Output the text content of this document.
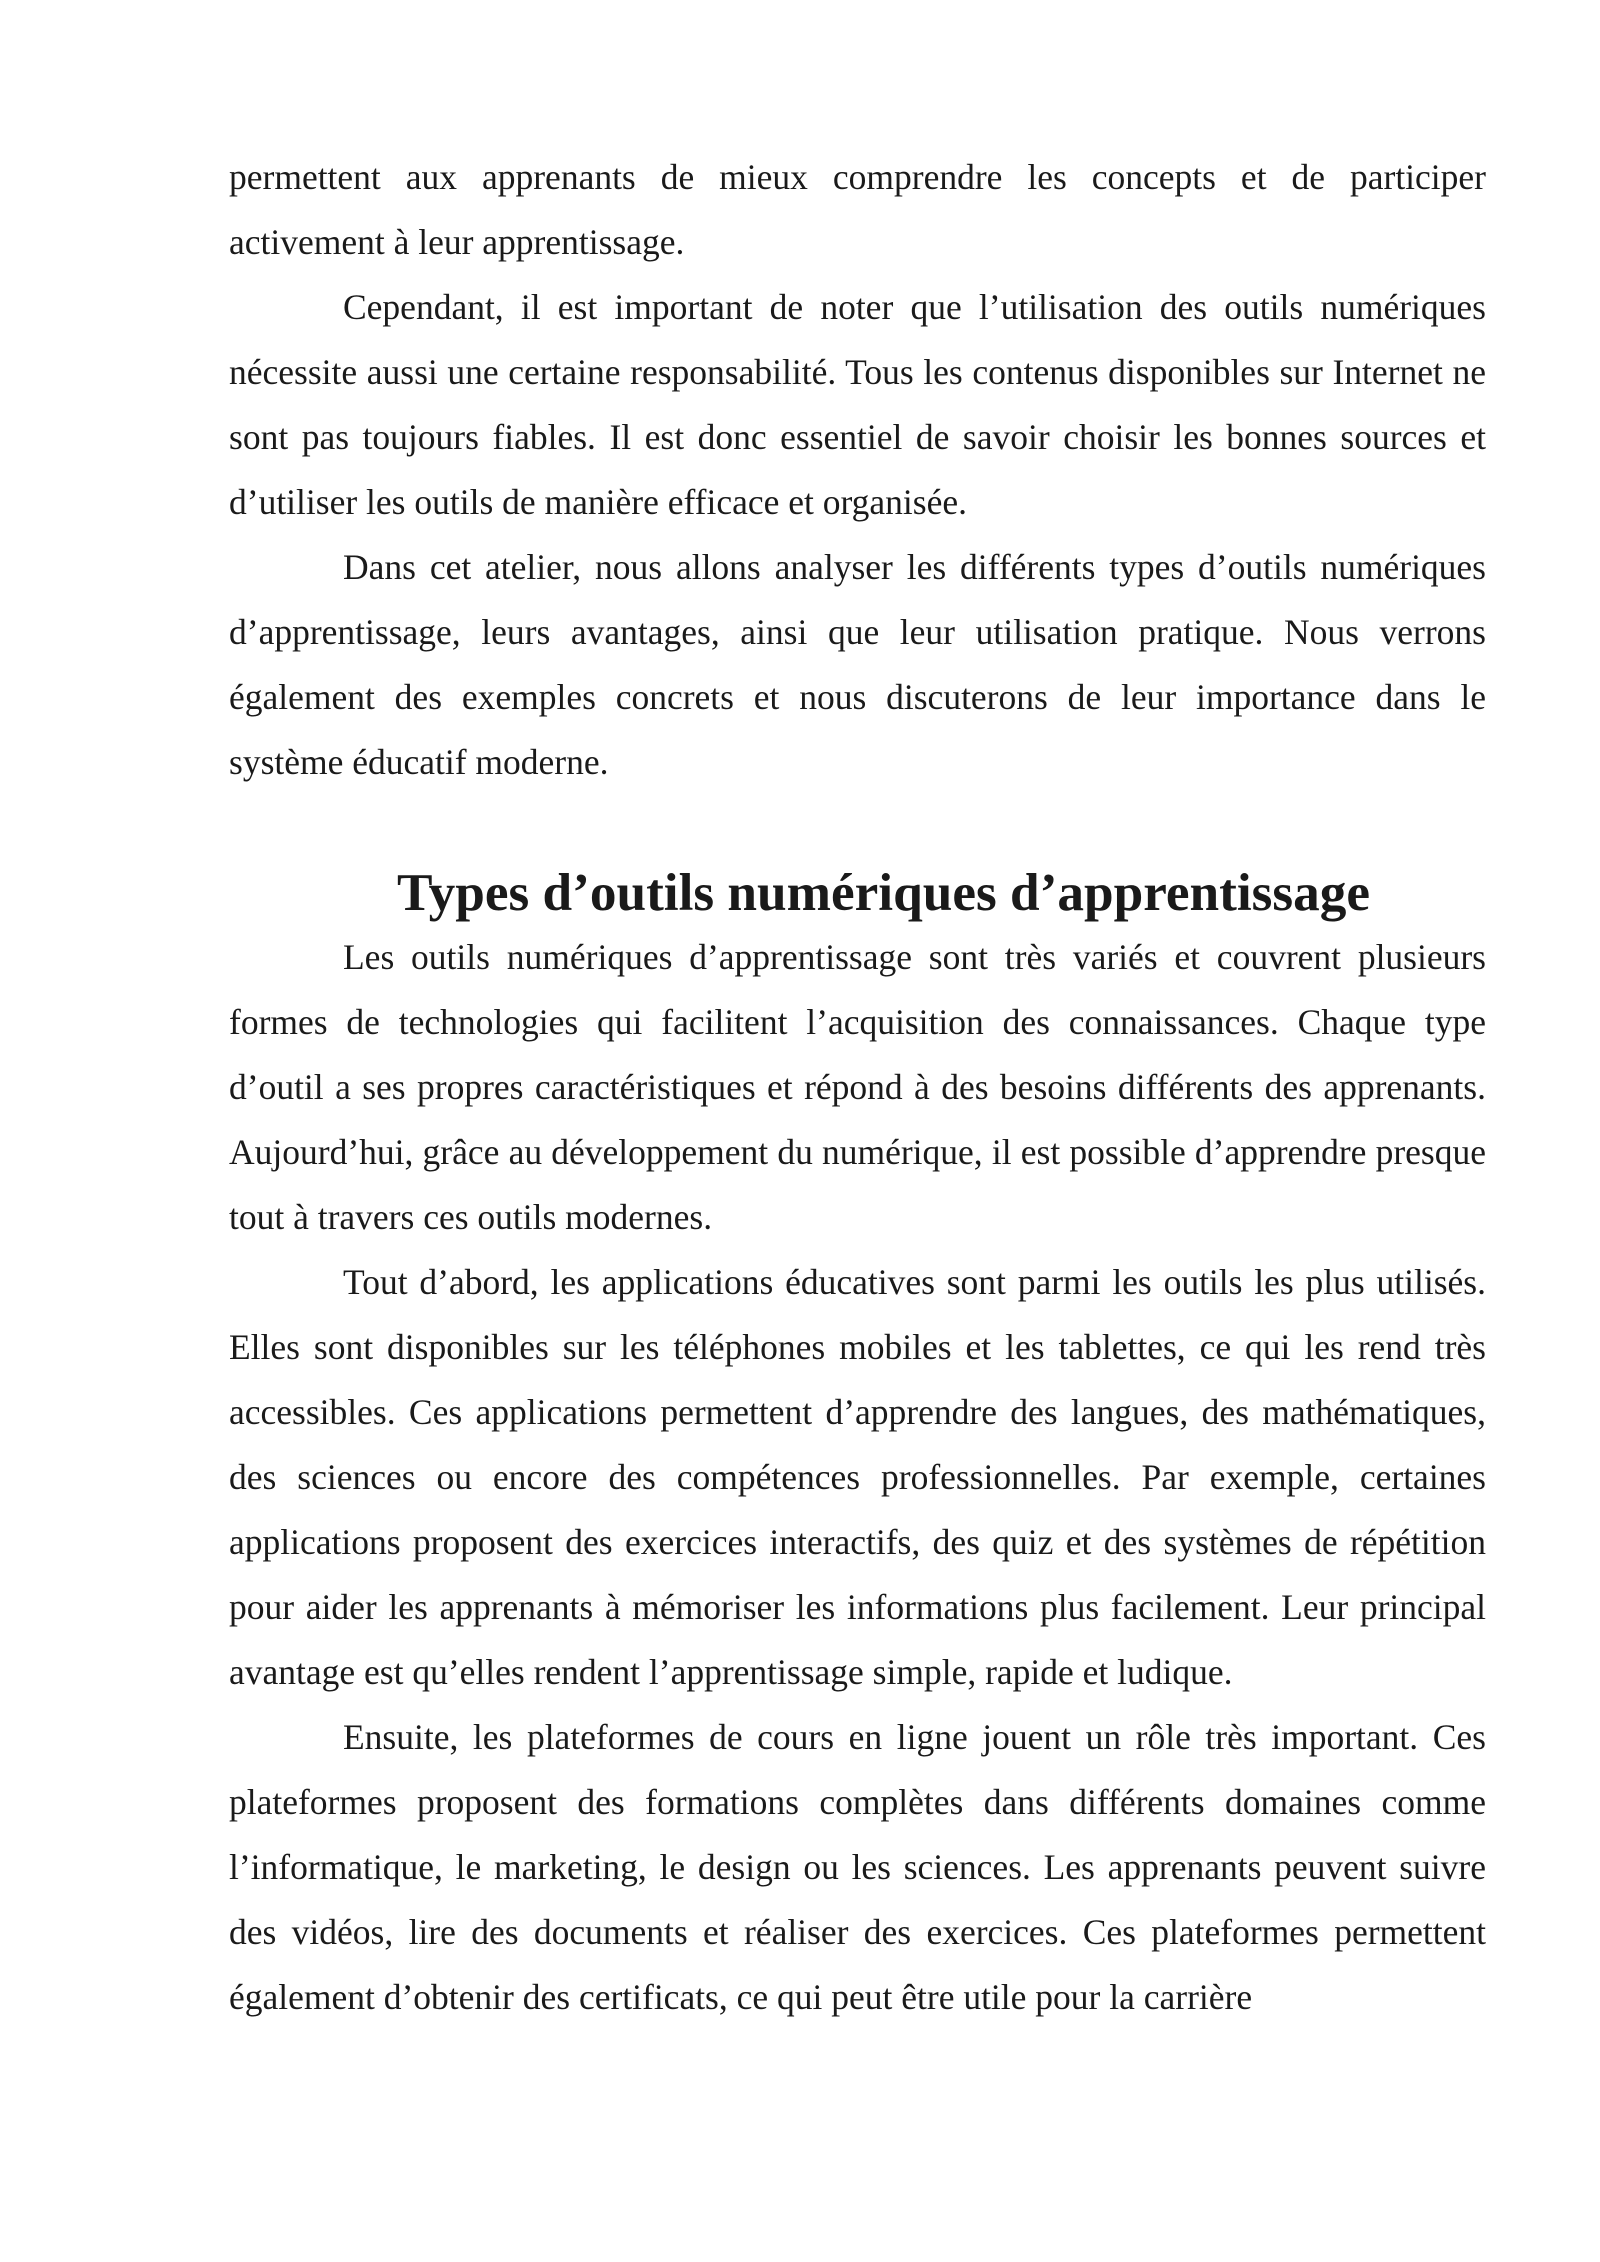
permettent aux apprenants de mieux comprendre les concepts et de participer activement à leur apprentissage.

Cependant, il est important de noter que l’utilisation des outils numériques nécessite aussi une certaine responsabilité. Tous les contenus disponibles sur Internet ne sont pas toujours fiables. Il est donc essentiel de savoir choisir les bonnes sources et d’utiliser les outils de manière efficace et organisée.

Dans cet atelier, nous allons analyser les différents types d’outils numériques d’apprentissage, leurs avantages, ainsi que leur utilisation pratique. Nous verrons également des exemples concrets et nous discuterons de leur importance dans le système éducatif moderne.

Types d’outils numériques d’apprentissage

Les outils numériques d’apprentissage sont très variés et couvrent plusieurs formes de technologies qui facilitent l’acquisition des connaissances. Chaque type d’outil a ses propres caractéristiques et répond à des besoins différents des apprenants. Aujourd’hui, grâce au développement du numérique, il est possible d’apprendre presque tout à travers ces outils modernes.

Tout d’abord, les applications éducatives sont parmi les outils les plus utilisés. Elles sont disponibles sur les téléphones mobiles et les tablettes, ce qui les rend très accessibles. Ces applications permettent d’apprendre des langues, des mathématiques, des sciences ou encore des compétences professionnelles. Par exemple, certaines applications proposent des exercices interactifs, des quiz et des systèmes de répétition pour aider les apprenants à mémoriser les informations plus facilement. Leur principal avantage est qu’elles rendent l’apprentissage simple, rapide et ludique.

Ensuite, les plateformes de cours en ligne jouent un rôle très important. Ces plateformes proposent des formations complètes dans différents domaines comme l’informatique, le marketing, le design ou les sciences. Les apprenants peuvent suivre des vidéos, lire des documents et réaliser des exercices. Ces plateformes permettent également d’obtenir des certificats, ce qui peut être utile pour la carrière
